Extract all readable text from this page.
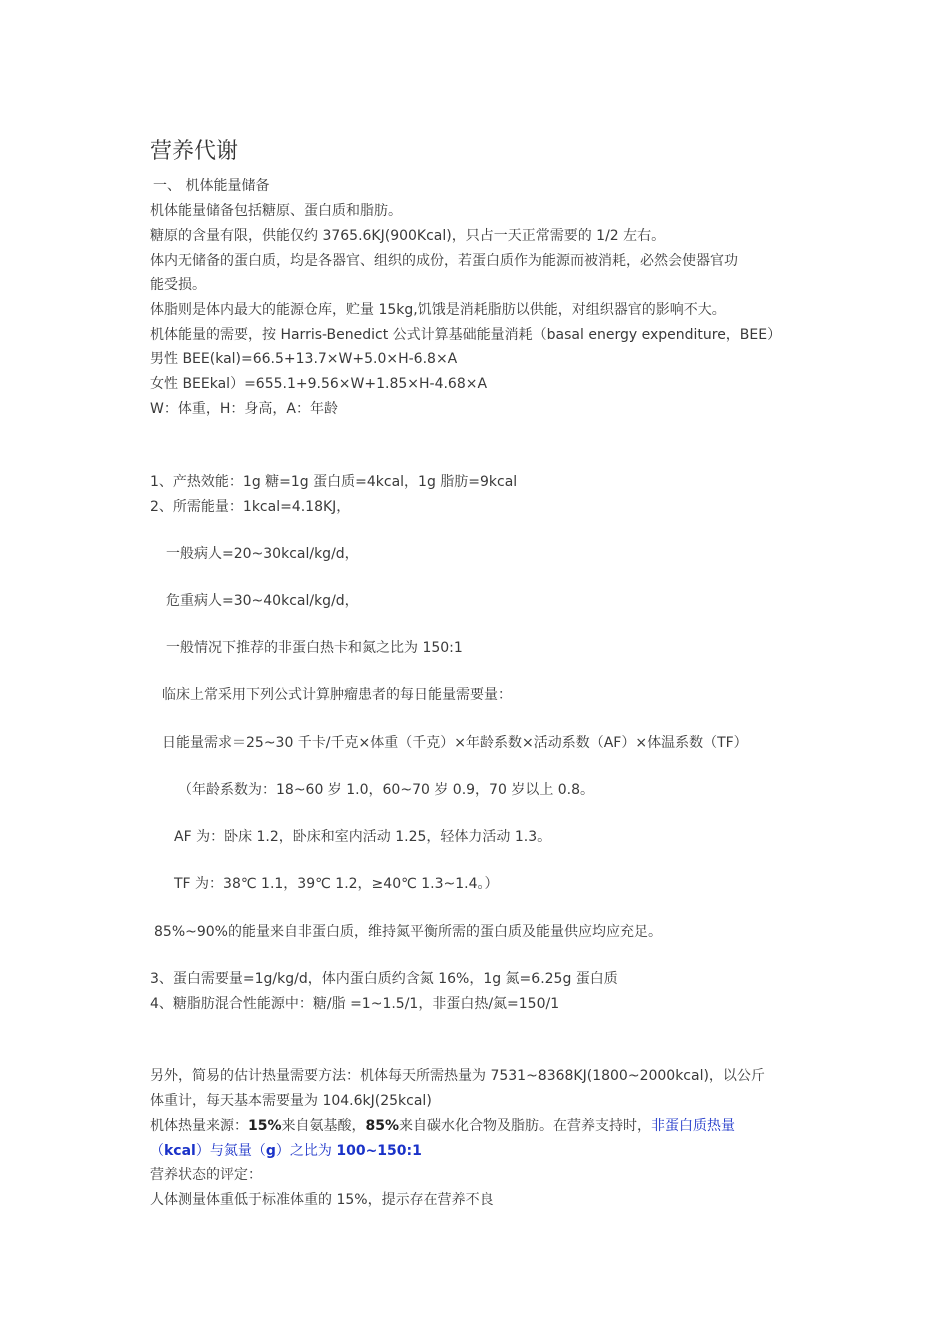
营养代谢
一、 机体能量储备
机体能量储备包括糖原、蛋白质和脂肪。
糖原的含量有限，供能仅约 3765.6KJ(900Kcal)，只占一天正常需要的 1/2 左右。
体内无储备的蛋白质，均是各器官、组织的成份，若蛋白质作为能源而被消耗，必然会使器官功
能受损。
体脂则是体内最大的能源仓库，贮量 15kg,饥饿是消耗脂肪以供能，对组织器官的影响不大。
机体能量的需要，按 Harris-Benedict 公式计算基础能量消耗（basal energy expenditure，BEE）
男性 BEE(kal)=66.5+13.7×W+5.0×H-6.8×A
女性 BEEkal）=655.1+9.56×W+1.85×H-4.68×A
W：体重，H：身高，A：年龄
1、产热效能：1g 糖=1g 蛋白质=4kcal，1g 脂肪=9kcal
2、所需能量：1kcal=4.18KJ，
一般病人=20~30kcal/kg/d，
危重病人=30~40kcal/kg/d，
一般情况下推荐的非蛋白热卡和氮之比为 150:1
临床上常采用下列公式计算肿瘤患者的每日能量需要量：
日能量需求＝25~30 千卡/千克×体重（千克）×年龄系数×活动系数（AF）×体温系数（TF）
（年龄系数为：18~60 岁 1.0，60~70 岁 0.9，70 岁以上 0.8。
AF 为：卧床 1.2，卧床和室内活动 1.25，轻体力活动 1.3。
TF 为：38℃ 1.1，39℃ 1.2，≥40℃ 1.3~1.4。）
85%~90%的能量来自非蛋白质，维持氮平衡所需的蛋白质及能量供应均应充足。
3、蛋白需要量=1g/kg/d，体内蛋白质约含氮 16%，1g 氮=6.25g 蛋白质
4、糖脂肪混合性能源中：糖/脂 =1~1.5/1，非蛋白热/氮=150/1
另外，简易的估计热量需要方法：机体每天所需热量为 7531~8368KJ(1800~2000kcal)，以公斤
体重计，每天基本需要量为 104.6kJ(25kcal)
机体热量来源：15%来自氨基酸，85%来自碳水化合物及脂肪。在营养支持时，非蛋白质热量
（kcal）与氮量（g）之比为 100~150:1
营养状态的评定：
人体测量体重低于标准体重的 15%，提示存在营养不良
